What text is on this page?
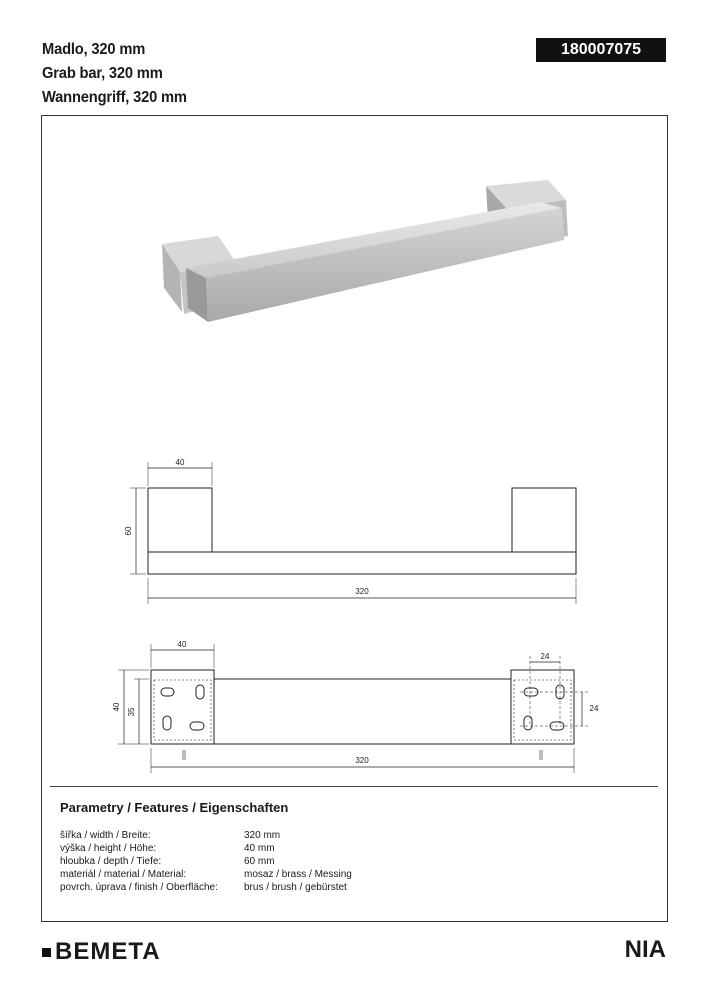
Madlo, 320 mm
Grab bar, 320 mm
Wannengriff, 320 mm
180007075
40
60
320
40
40
35
24
24
320
Parametry / Features / Eigenschaften
šířka / width / Breite:	320 mm
výška / height / Höhe:	40 mm
hloubka / depth / Tiefe:	60 mm
materiál / material / Material:	mosaz / brass / Messing
povrch. úprava / finish / Oberfläche:	brus / brush / gebürstet
BEMETA	NIA
